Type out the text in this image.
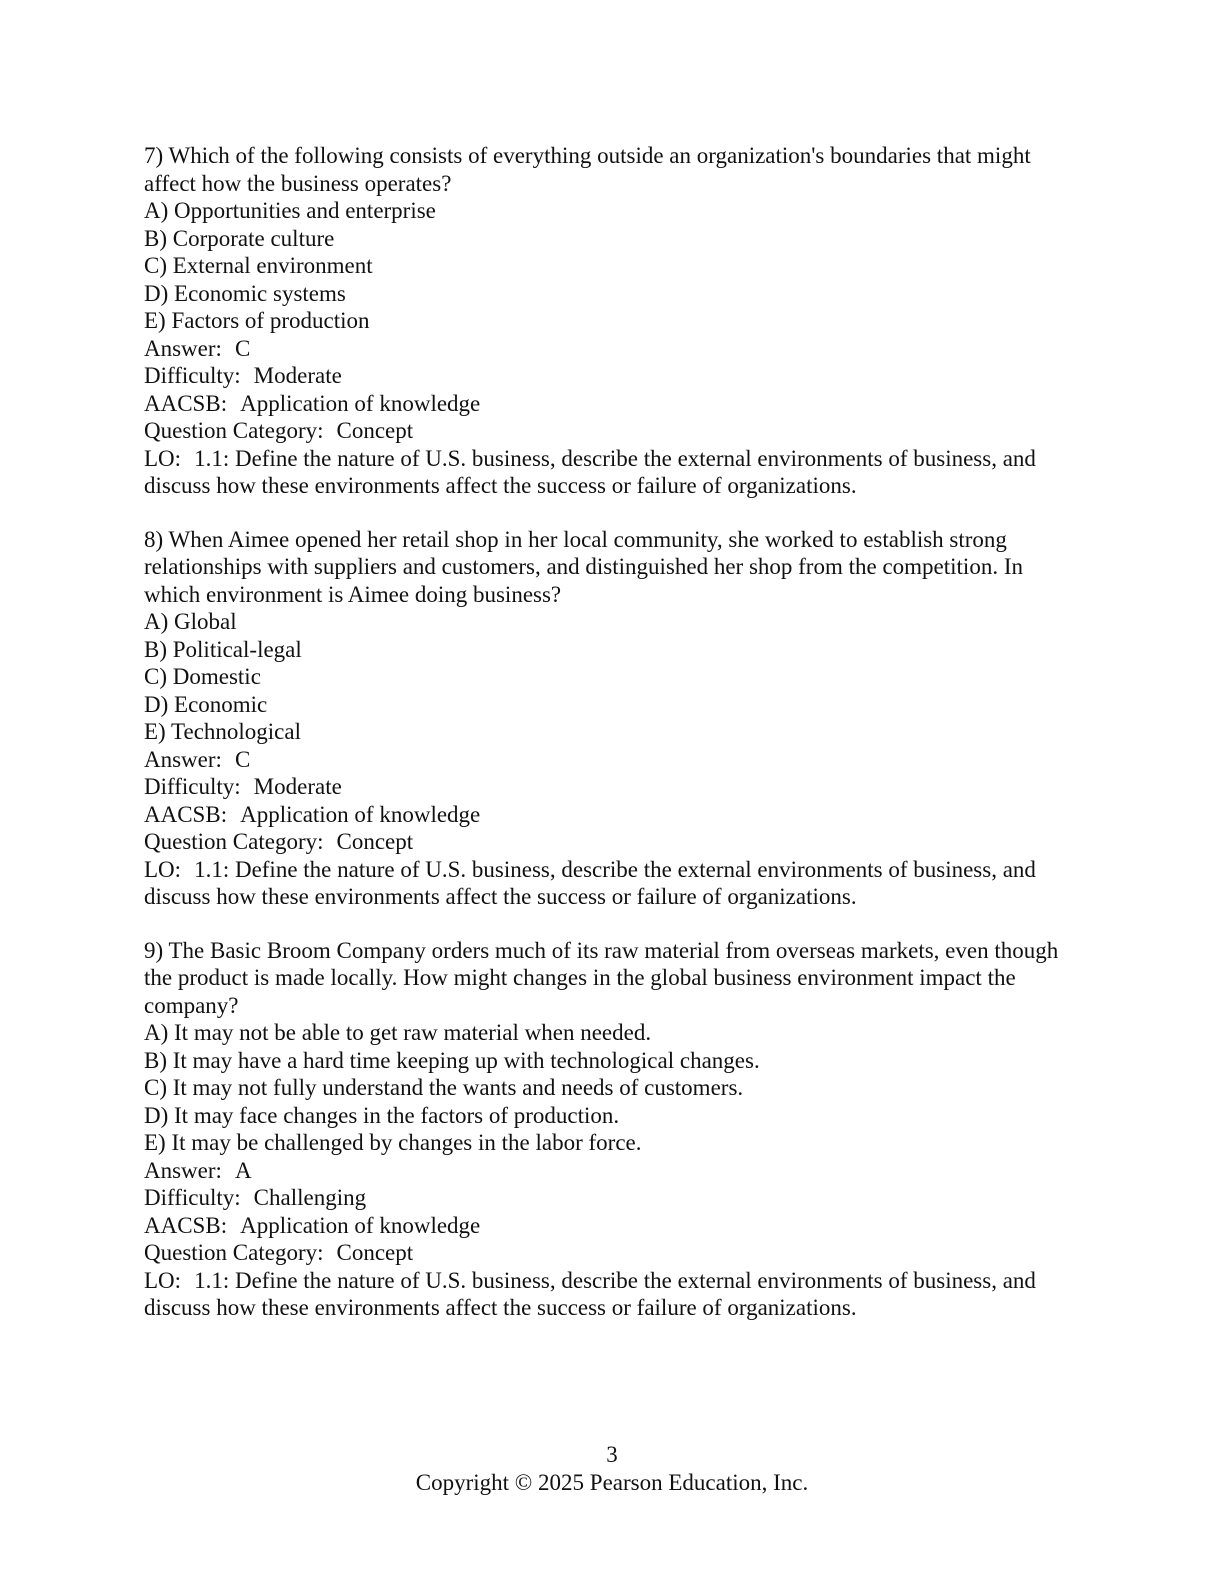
7) Which of the following consists of everything outside an organization's boundaries that might affect how the business operates?

A) Opportunities and enterprise

B) Corporate culture

C) External environment

D) Economic systems

E) Factors of production

Answer: C

Difficulty: Moderate

AACSB: Application of knowledge

Question Category: Concept

LO: 1.1: Define the nature of U.S. business, describe the external environments of business, and discuss how these environments affect the success or failure of organizations.

8) When Aimee opened her retail shop in her local community, she worked to establish strong relationships with suppliers and customers, and distinguished her shop from the competition. In which environment is Aimee doing business?

A) Global

B) Political-legal

C) Domestic

D) Economic

E) Technological

Answer: C

Difficulty: Moderate

AACSB: Application of knowledge

Question Category: Concept

LO: 1.1: Define the nature of U.S. business, describe the external environments of business, and discuss how these environments affect the success or failure of organizations.

9) The Basic Broom Company orders much of its raw material from overseas markets, even though the product is made locally. How might changes in the global business environment impact the company?

A) It may not be able to get raw material when needed.

B) It may have a hard time keeping up with technological changes.

C) It may not fully understand the wants and needs of customers.

D) It may face changes in the factors of production.

E) It may be challenged by changes in the labor force.

Answer: A

Difficulty: Challenging

AACSB: Application of knowledge

Question Category: Concept

LO: 1.1: Define the nature of U.S. business, describe the external environments of business, and discuss how these environments affect the success or failure of organizations.

3
Copyright © 2025 Pearson Education, Inc.
